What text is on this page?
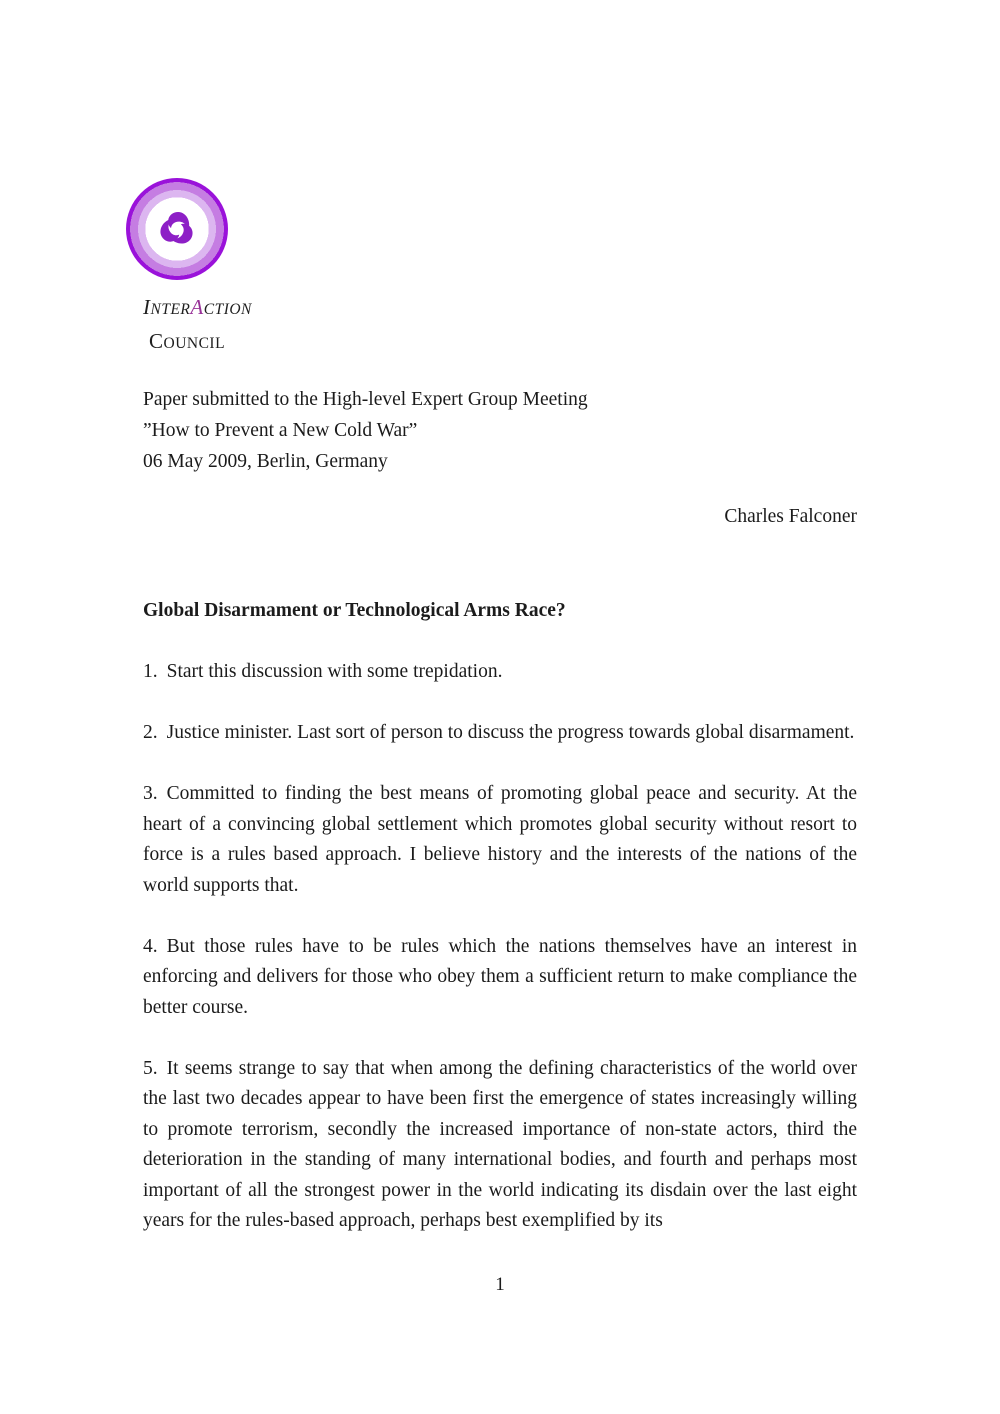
INTERACTION
COUNCIL
Paper submitted to the High-level Expert Group Meeting
”How to Prevent a New Cold War”
06 May 2009, Berlin, Germany
Charles Falconer
Global Disarmament or Technological Arms Race?

1. Start this discussion with some trepidation.

2. Justice minister. Last sort of person to discuss the progress towards global disarmament.

3. Committed to finding the best means of promoting global peace and security. At the heart of a convincing global settlement which promotes global security without resort to force is a rules based approach. I believe history and the interests of the nations of the world supports that.

4. But those rules have to be rules which the nations themselves have an interest in enforcing and delivers for those who obey them a sufficient return to make compliance the better course.

5. It seems strange to say that when among the defining characteristics of the world over the last two decades appear to have been first the emergence of states increasingly willing to promote terrorism, secondly the increased importance of non-state actors, third the deterioration in the standing of many international bodies, and fourth and perhaps most important of all the strongest power in the world indicating its disdain over the last eight years for the rules-based approach, perhaps best exemplified by its

1
